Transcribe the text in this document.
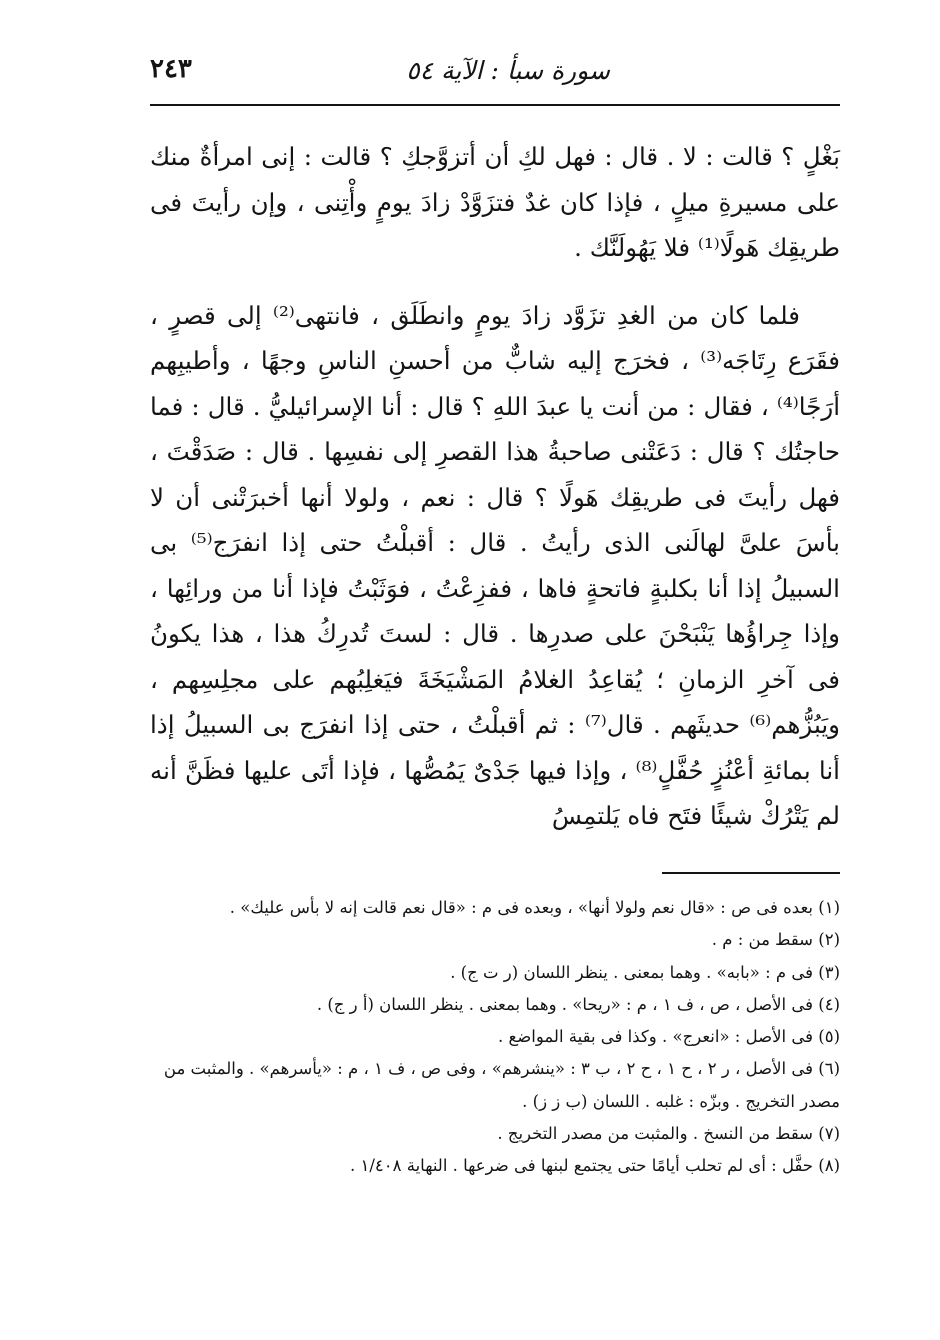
سورة سبأ : الآية ٥٤
٢٤٣

بَغْلٍ ؟ قالت : لا . قال : فهل لكِ أن أتزوَّجكِ ؟ قالت : إنى امرأةٌ منك على مسيرةِ ميلٍ ، فإذا كان غدٌ فتزَوَّدْ زادَ يومٍ وأْتِنى ، وإن رأيتَ فى طريقِك هَولًا⁽¹⁾ فلا يَهُولَنَّك .

فلما كان من الغدِ تزَوَّد زادَ يومٍ وانطَلَق ، فانتهى⁽²⁾ إلى قصرٍ ، فقَرَع رِتَاجَه⁽³⁾ ، فخرَج إليه شابٌّ من أحسنِ الناسِ وجهًا ، وأطيبِهم أرَجًا⁽⁴⁾ ، فقال : من أنت يا عبدَ اللهِ ؟ قال : أنا الإسرائيليُّ . قال : فما حاجتُك ؟ قال : دَعَتْنى صاحبةُ هذا القصرِ إلى نفسِها . قال : صَدَقْتَ ، فهل رأيتَ فى طريقِك هَولًا ؟ قال : نعم ، ولولا أنها أخبرَتْنى أن لا بأسَ علىَّ لهالَنى الذى رأيتُ . قال : أقبلْتُ حتى إذا انفرَج⁽⁵⁾ بى السبيلُ إذا أنا بكلبةٍ فاتحةٍ فاها ، ففزِعْتُ ، فوَثَبْتُ فإذا أنا من ورائِها ، وإذا جِراؤُها يَنْبَحْنَ على صدرِها . قال : لستَ تُدرِكُ هذا ، هذا يكونُ فى آخرِ الزمانِ ؛ يُقاعِدُ الغلامُ المَشْيَخَةَ فيَغلِبُهم على مجلِسِهم ، ويَبُزُّهم⁽⁶⁾ حديثَهم . قال⁽⁷⁾ : ثم أقبلْتُ ، حتى إذا انفرَج بى السبيلُ إذا أنا بمائةِ أعْنُزٍ حُفَّلٍ⁽⁸⁾ ، وإذا فيها جَدْىٌ يَمُصُّها ، فإذا أتَى عليها فظَنَّ أنه لم يَتْرُكْ شيئًا فتَح فاه يَلتمِسُ

(١) بعده فى ص : «قال نعم ولولا أنها» ، وبعده فى م : «قال نعم قالت إنه لا بأس عليك» .

(٢) سقط من : م .

(٣) فى م : «بابه» . وهما بمعنى . ينظر اللسان (ر ت ج) .

(٤) فى الأصل ، ص ، ف ١ ، م : «ريحا» . وهما بمعنى . ينظر اللسان (أ ر ج) .

(٥) فى الأصل : «انعرج» . وكذا فى بقية المواضع .

(٦) فى الأصل ، ر ٢ ، ح ١ ، ح ٢ ، ب ٣ : «ينشرهم» ، وفى ص ، ف ١ ، م : «يأسرهم» . والمثبت من مصدر التخريج . وبزّه : غلبه . اللسان (ب ز ز) .

(٧) سقط من النسخ . والمثبت من مصدر التخريج .

(٨) حفَّل : أى لم تحلب أيامًا حتى يجتمع لبنها فى ضرعها . النهاية ١/٤٠٨ .
